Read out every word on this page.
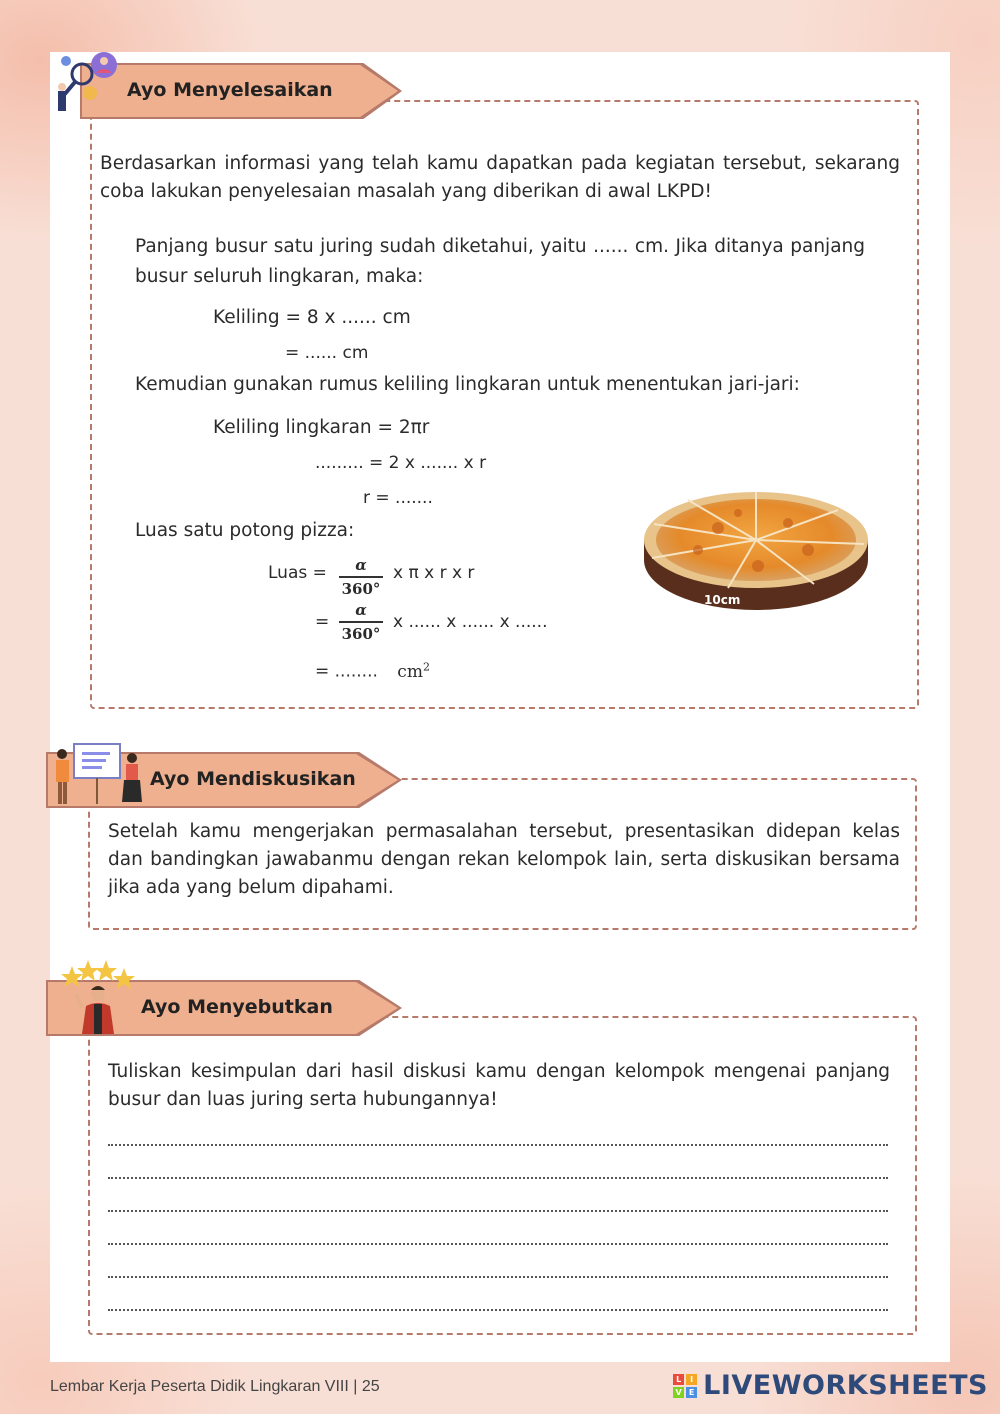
Ayo Menyelesaikan
Berdasarkan informasi yang telah kamu dapatkan pada kegiatan tersebut, sekarang coba lakukan penyelesaian masalah yang diberikan di awal LKPD!
Panjang busur satu juring sudah diketahui, yaitu ...... cm. Jika ditanya panjang busur seluruh lingkaran, maka:
Keliling = 8 x ...... cm
= ...... cm
Kemudian gunakan rumus keliling lingkaran untuk menentukan jari-jari:
Keliling lingkaran = 2πr
......... = 2 x ....... x r
r = .......
Luas satu potong pizza:
Luas =	α
360°
x π x r x r
=
α
360°
x ...... x ...... x ......
= ........ $cm^2$
10cm
Ayo Mendiskusikan
Setelah kamu mengerjakan permasalahan tersebut, presentasikan didepan kelas dan bandingkan jawabanmu dengan rekan kelompok lain, serta diskusikan bersama jika ada yang belum dipahami.
Ayo Menyebutkan
Tuliskan kesimpulan dari hasil diskusi kamu dengan kelompok mengenai panjang busur dan luas juring serta hubungannya!
Lembar Kerja Peserta Didik Lingkaran VIII | 25	L	I
V E LIVEWORKSHEETS
